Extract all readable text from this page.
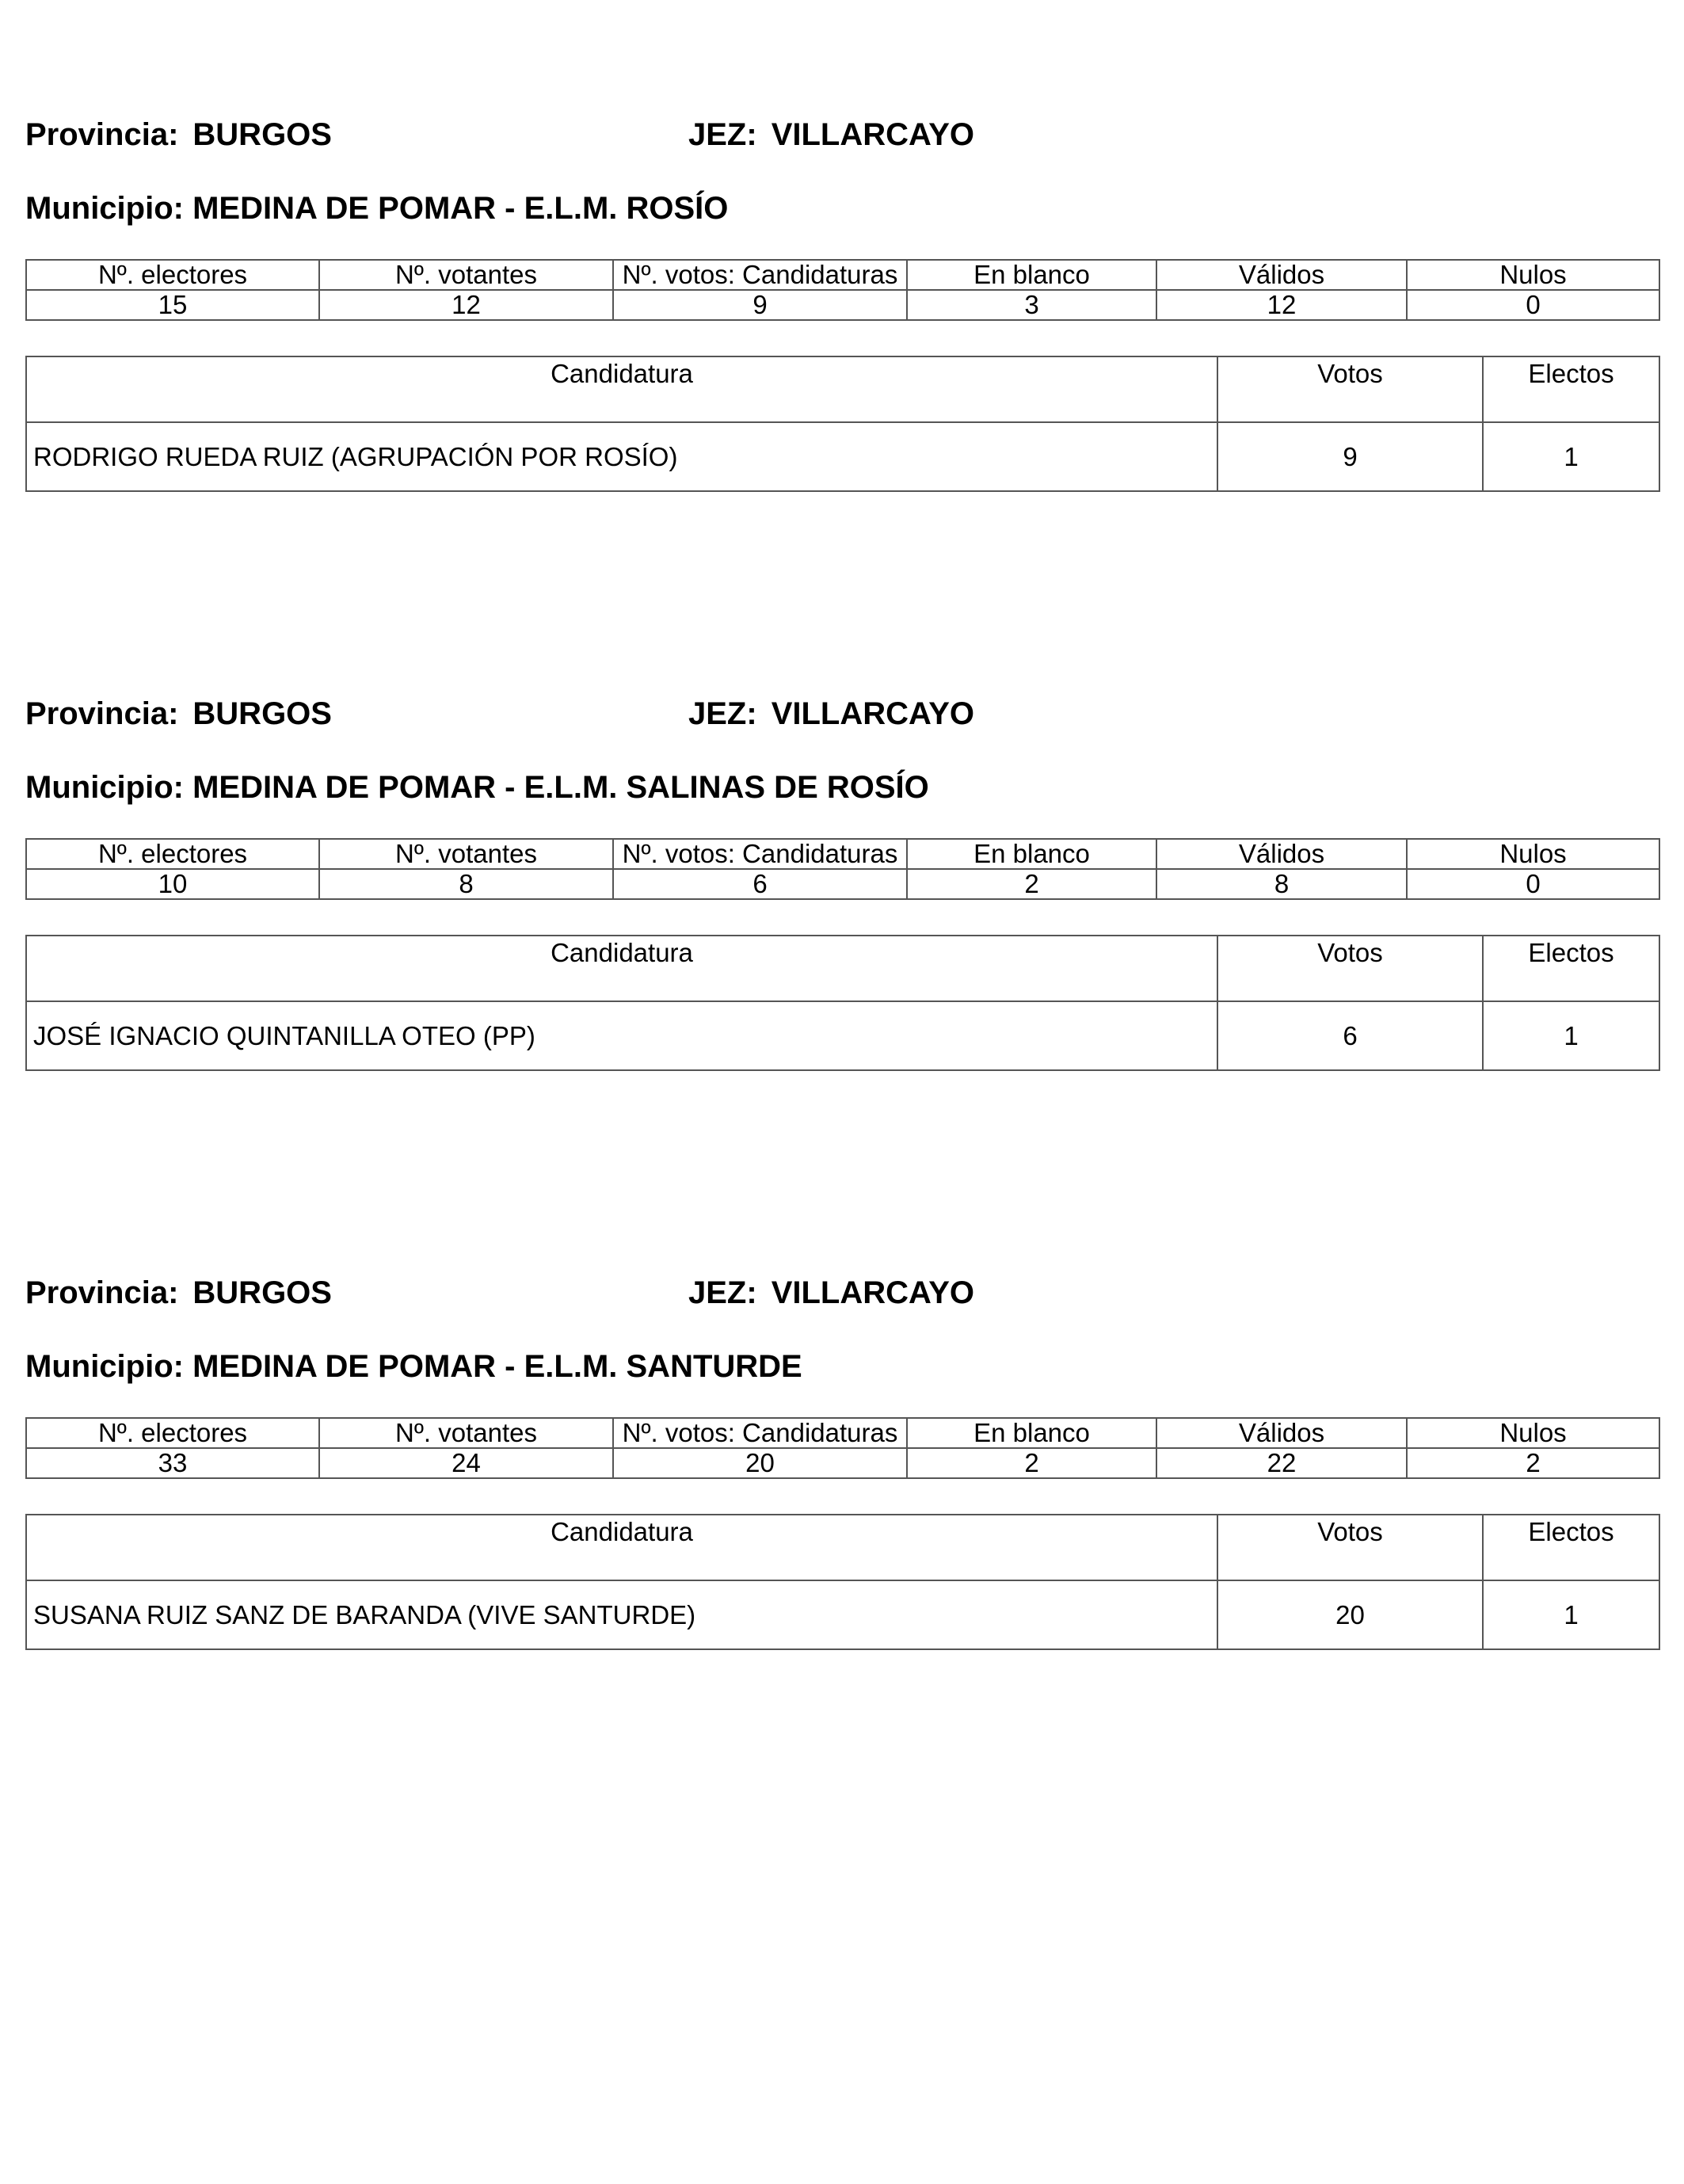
Provincia: BURGOS	JEZ: VILLARCAYO
Municipio: MEDINA DE POMAR - E.L.M. ROSÍO
Nº. electores	Nº. votantes	Nº. votos: Candidaturas	En blanco	Válidos	Nulos
15	12	9	3	12	0
Candidatura	Votos	Electos
RODRIGO RUEDA RUIZ (AGRUPACIÓN POR ROSÍO)	9	1
Provincia: BURGOS	JEZ: VILLARCAYO
Municipio: MEDINA DE POMAR - E.L.M. SALINAS DE ROSÍO
Nº. electores	Nº. votantes	Nº. votos: Candidaturas	En blanco	Válidos	Nulos
10	8	6	2	8	0
Candidatura	Votos	Electos
JOSÉ IGNACIO QUINTANILLA OTEO (PP)	6	1
Provincia: BURGOS	JEZ: VILLARCAYO
Municipio: MEDINA DE POMAR - E.L.M. SANTURDE
Nº. electores	Nº. votantes	Nº. votos: Candidaturas	En blanco	Válidos	Nulos
33	24	20	2	22	2
Candidatura	Votos	Electos
SUSANA RUIZ SANZ DE BARANDA (VIVE SANTURDE)	20	1
